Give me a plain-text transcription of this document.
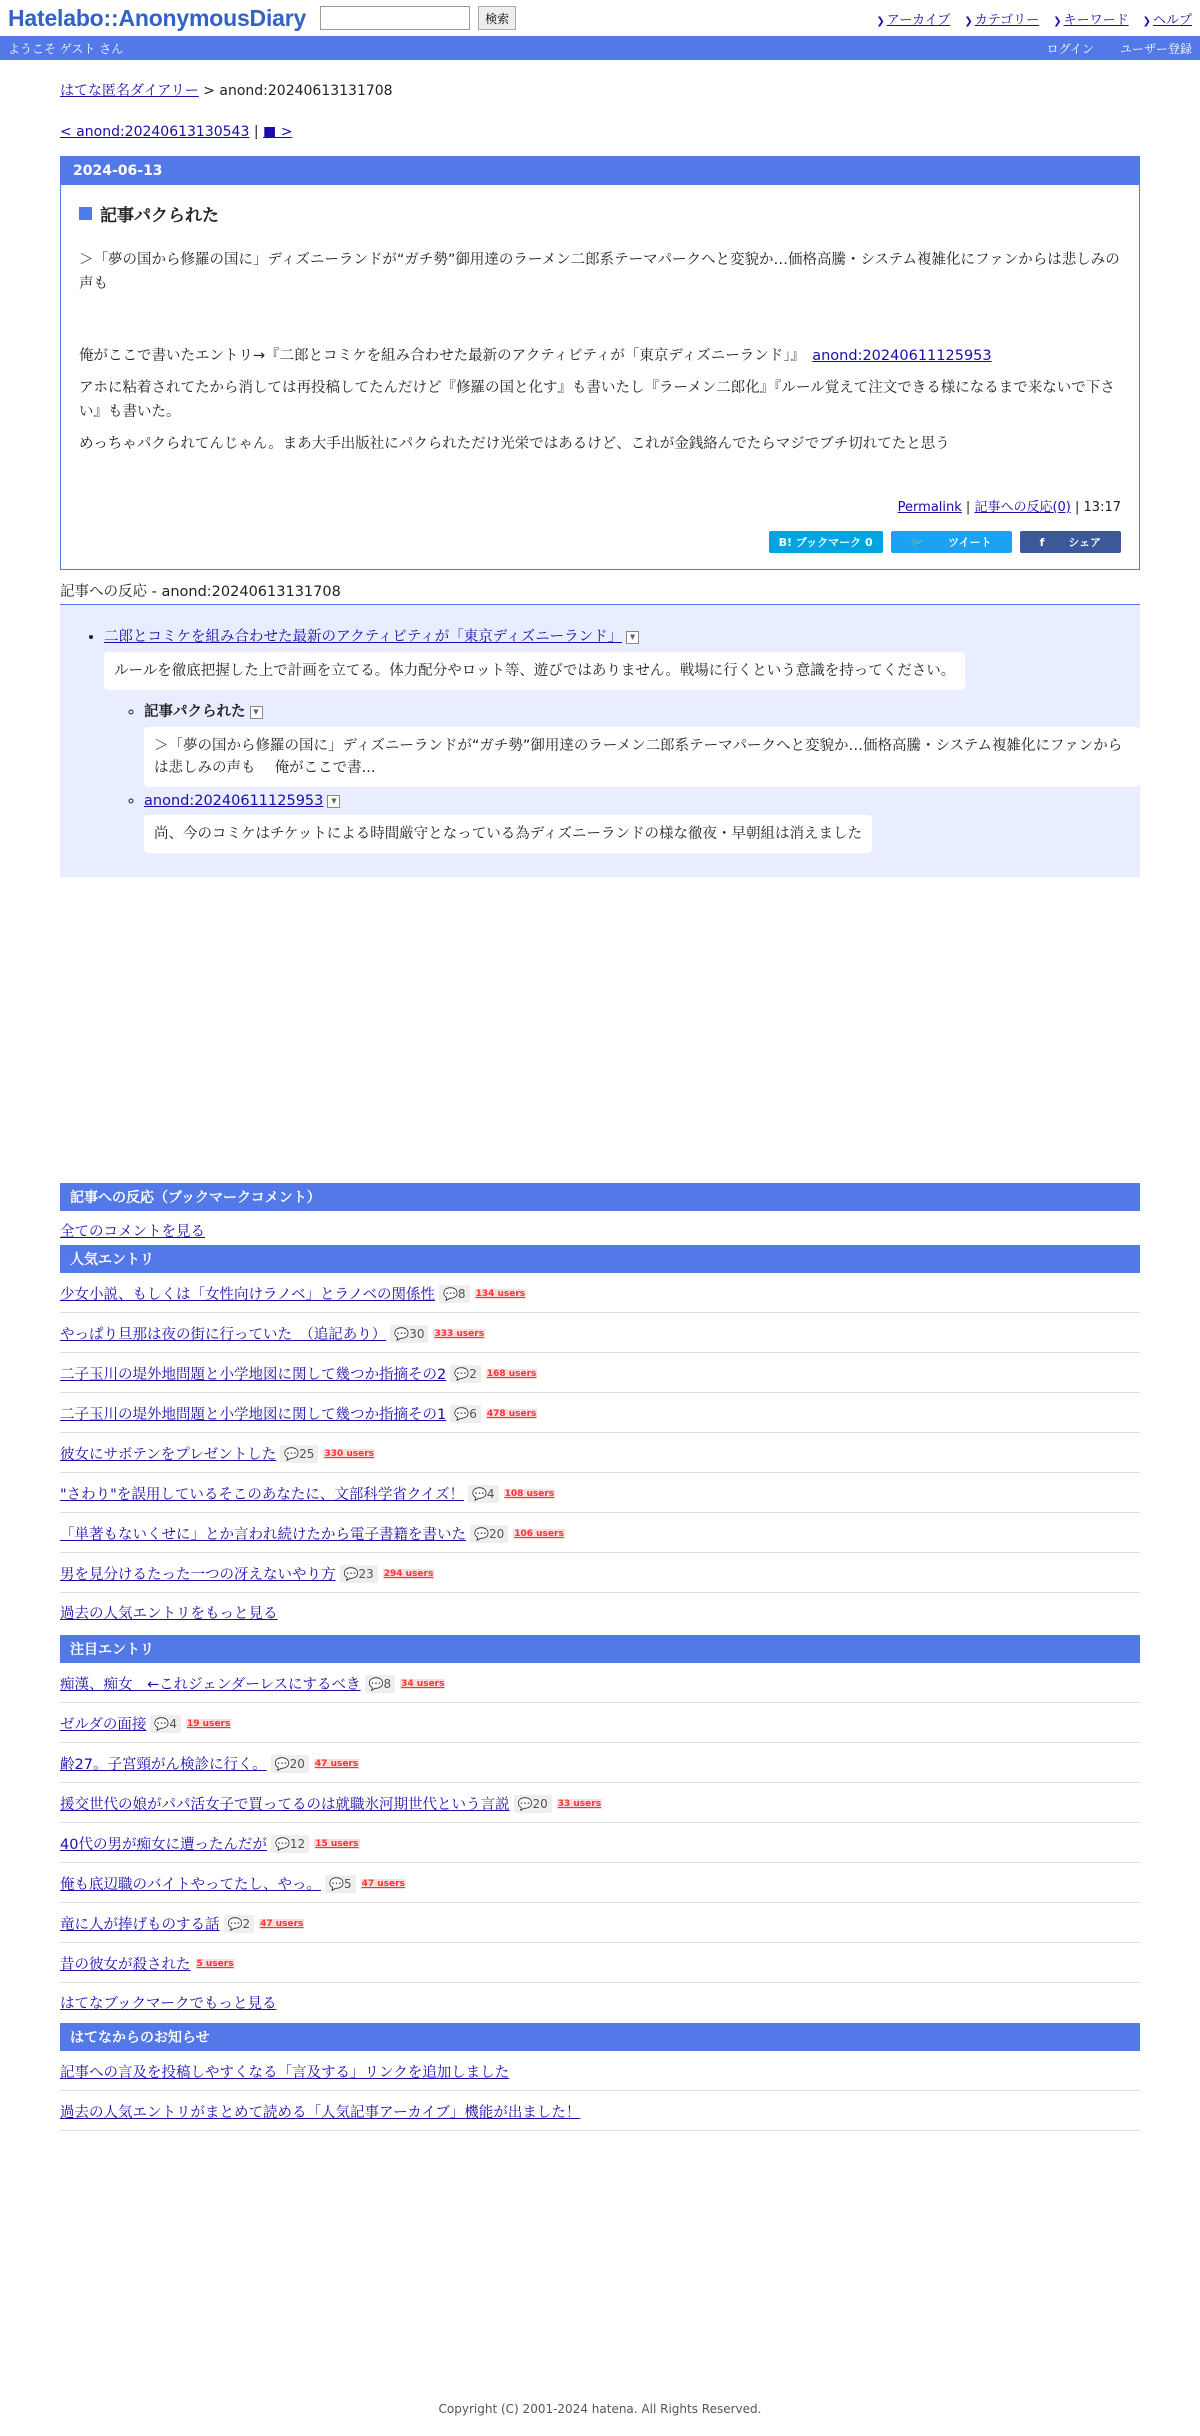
Hatelabo::AnonymousDiary	検索	❯ アーカイブ ❯ カテゴリー ❯ キーワード ❯ ヘルプ
ようこそ ゲスト さん	ログイン ユーザー登録
はてな匿名ダイアリー > anond:20240613131708
< anond:20240613130543 | ■ >
2024-06-13
記事パクられた

＞「夢の国から修羅の国に」ディズニーランドが“ガチ勢”御用達のラーメン二郎系テーマパークへと変貌か…価格高騰・システム複雑化にファンからは悲しみの声も

俺がここで書いたエントリ→『二郎とコミケを組み合わせた最新のアクティビティが「東京ディズニーランド」』　 anond:20240611125953

アホに粘着されてたから消しては再投稿してたんだけど『修羅の国と化す』も書いたし『ラーメン二郎化』『ルール覚えて注文できる様になるまで来ないで下さい』も書いた。

めっちゃパクられてんじゃん。まあ大手出版社にパクられただけ光栄ではあるけど、これが金銭絡んでたらマジでブチ切れてたと思う

Permalink | 記事への反応(0) | 13:17
B! ブックマーク 0	🐦 ツイート	f シェア
記事への反応 - anond:20240613131708
• 二郎とコミケを組み合わせた最新のアクティビティが「東京ディズニーランド」 ▼
ルールを徹底把握した上で計画を立てる。体力配分やロット等、遊びではありません。戦場に行くという意識を持ってください。
◦ 記事パクられた ▼
＞「夢の国から修羅の国に」ディズニーランドが“ガチ勢”御用達のラーメン二郎系テーマパークへと変貌か…価格高騰・システム複雑化にファンからは悲しみの声も　 俺がここで書...
◦ anond:20240611125953 ▼
尚、今のコミケはチケットによる時間厳守となっている為ディズニーランドの様な徹夜・早朝組は消えました
記事への反応（ブックマークコメント）
全てのコメントを見る
人気エントリ
少女小説、もしくは「女性向けラノベ」とラノベの関係性 💬8	134 users
やっぱり旦那は夜の街に行っていた　（追記あり） 💬30	333 users
二子玉川の堤外地問題と小学地図に関して幾つか指摘その2 💬2	168 users
二子玉川の堤外地問題と小学地図に関して幾つか指摘その1 💬6	478 users
彼女にサボテンをプレゼントした 💬25	330 users
"さわり"を誤用しているそこのあなたに、文部科学省クイズ！ 💬4	108 users
「単著もないくせに」とか言われ続けたから電子書籍を書いた 💬20	106 users
男を見分けるたった一つの冴えないやり方 💬23	294 users
過去の人気エントリをもっと見る
注目エントリ
痴漢、痴女　←これジェンダーレスにするべき 💬8	34 users
ゼルダの面接 💬4	19 users
齢27。子宮頸がん検診に行く。 💬20	47 users
援交世代の娘がパパ活女子で買ってるのは就職氷河期世代という言説 💬20	33 users
40代の男が痴女に遭ったんだが 💬12	15 users
俺も底辺職のバイトやってたし、やっ。 💬5	47 users
竜に人が捧げものする話 💬2	47 users
昔の彼女が殺された 5 users
はてなブックマークでもっと見る
はてなからのお知らせ
記事への言及を投稿しやすくなる「言及する」リンクを追加しました
過去の人気エントリがまとめて読める「人気記事アーカイブ」機能が出ました！
Copyright (C) 2001-2024 hatena. All Rights Reserved.
